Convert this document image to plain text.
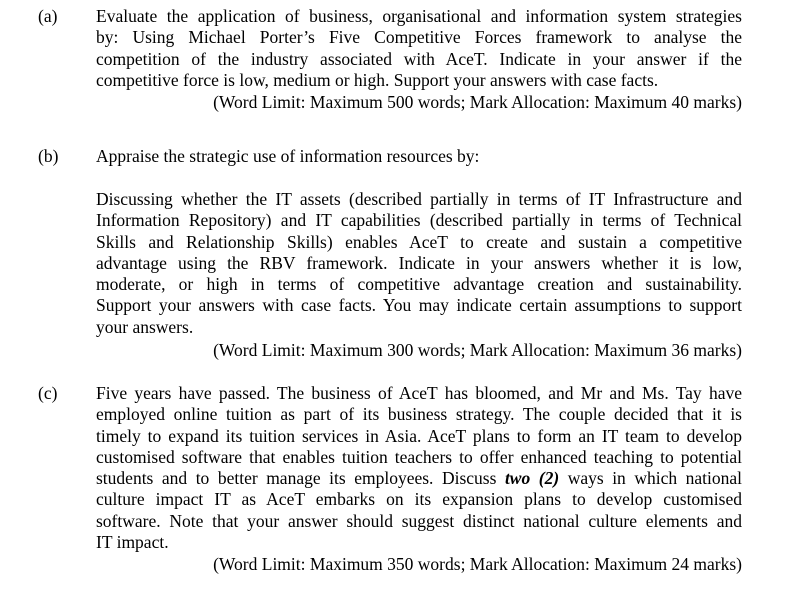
(a) Evaluate the application of business, organisational and information system strategies
by: Using Michael Porter’s Five Competitive Forces framework to analyse the
competition of the industry associated with AceT. Indicate in your answer if the
competitive force is low, medium or high. Support your answers with case facts.
(Word Limit: Maximum 500 words; Mark Allocation: Maximum 40 marks)
(b) Appraise the strategic use of information resources by:
Discussing whether the IT assets (described partially in terms of IT Infrastructure and
Information Repository) and IT capabilities (described partially in terms of Technical
Skills and Relationship Skills) enables AceT to create and sustain a competitive
advantage using the RBV framework. Indicate in your answers whether it is low,
moderate, or high in terms of competitive advantage creation and sustainability.
Support your answers with case facts. You may indicate certain assumptions to support
your answers.
(Word Limit: Maximum 300 words; Mark Allocation: Maximum 36 marks)
(c) Five years have passed. The business of AceT has bloomed, and Mr and Ms. Tay have
employed online tuition as part of its business strategy. The couple decided that it is
timely to expand its tuition services in Asia. AceT plans to form an IT team to develop
customised software that enables tuition teachers to offer enhanced teaching to potential
students and to better manage its employees. Discuss two (2) ways in which national
culture impact IT as AceT embarks on its expansion plans to develop customised
software. Note that your answer should suggest distinct national culture elements and
IT impact.
(Word Limit: Maximum 350 words; Mark Allocation: Maximum 24 marks)
